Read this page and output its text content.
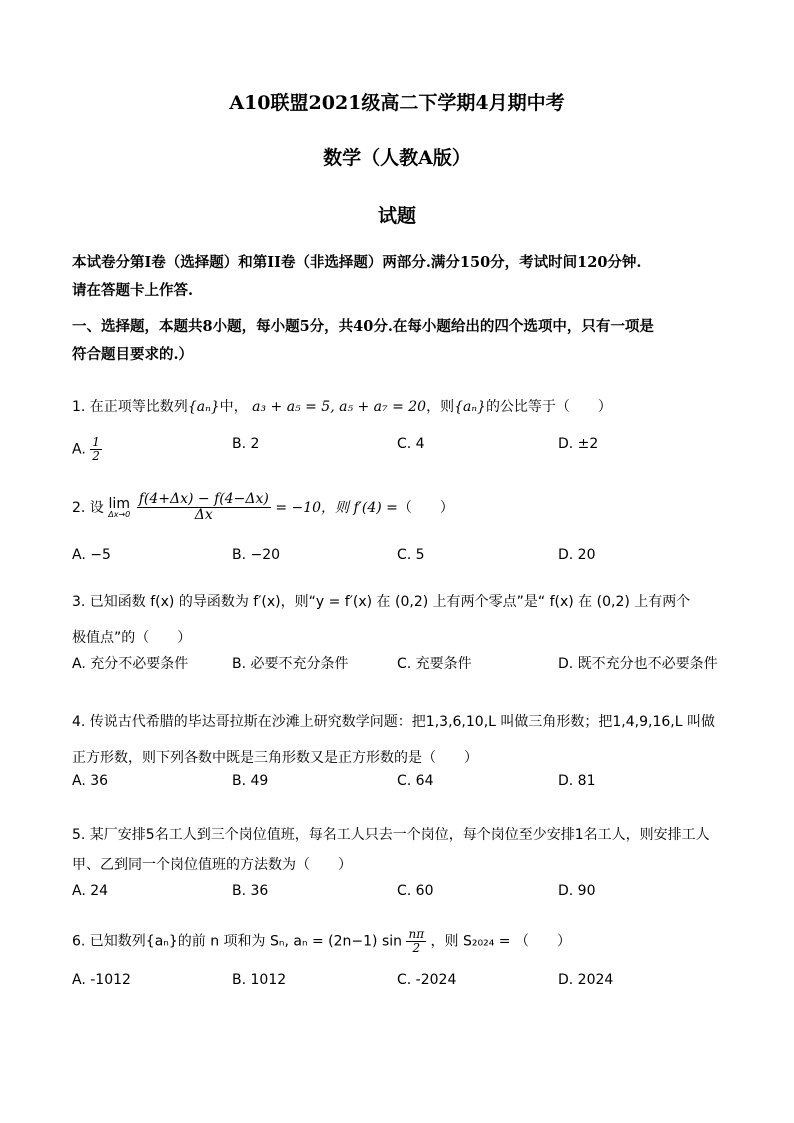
A10联盟2021级高二下学期4月期中考
数学（人教A版）
试题
本试卷分第I卷（选择题）和第II卷（非选择题）两部分.满分150分，考试时间120分钟.
请在答题卡上作答.
一、选择题，本题共8小题，每小题5分，共40分.在每小题给出的四个选项中，只有一项是
符合题目要求的.）
1. 在正项等比数列{aₙ}中， a₃ + a₅ = 5, a₅ + a₇ = 20，则{aₙ}的公比等于（　　）
A. $\frac{1}{2}$	B. 2	C. 4	D. ±2
2. 设 lim
Δx→0
$\frac{f(4+\Delta x) - f(4-\Delta x)}{\Delta x} = -10$，则 f′(4) =（　　）
A. −5	B. −20	C. 5	D. 20
3. 已知函数 f(x) 的导函数为 f′(x)，则“y = f′(x) 在 (0,2) 上有两个零点”是“ f(x) 在 (0,2) 上有两个
极值点”的（　　）
A. 充分不必要条件	B. 必要不充分条件	C. 充要条件	D. 既不充分也不必要条件
4. 传说古代希腊的毕达哥拉斯在沙滩上研究数学问题：把1,3,6,10,L 叫做三角形数；把1,4,9,16,L 叫做
正方形数，则下列各数中既是三角形数又是正方形数的是（　　）
A. 36	B. 49	C. 64	D. 81
5. 某厂安排5名工人到三个岗位值班，每名工人只去一个岗位，每个岗位至少安排1名工人，则安排工人
甲、乙到同一个岗位值班的方法数为（　　）
A. 24	B. 36	C. 60	D. 90
6. 已知数列{aₙ}的前 n 项和为 Sₙ, aₙ = (2n−1) $\sin \frac{n\pi}{2}$ ，则 S₂₀₂₄ = （　　）
A. -1012	B. 1012	C. -2024	D. 2024
